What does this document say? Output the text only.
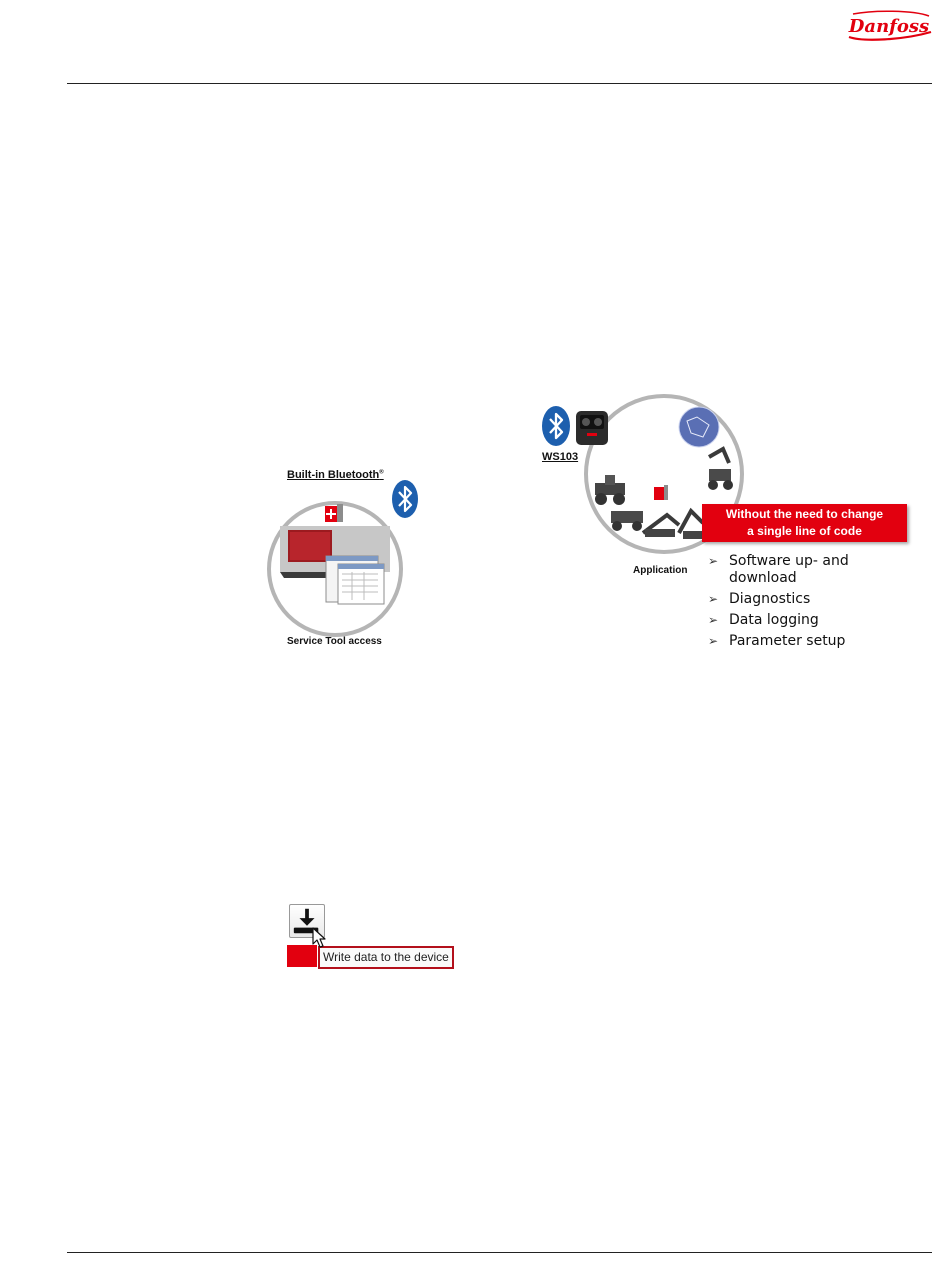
Danfoss
Built-in Bluetooth®
Service Tool access
WS103
Application
Without the need to change
a single line of code
➢ Software up- and download
➢ Diagnostics
➢ Data logging
➢ Parameter setup
Write data to the device
